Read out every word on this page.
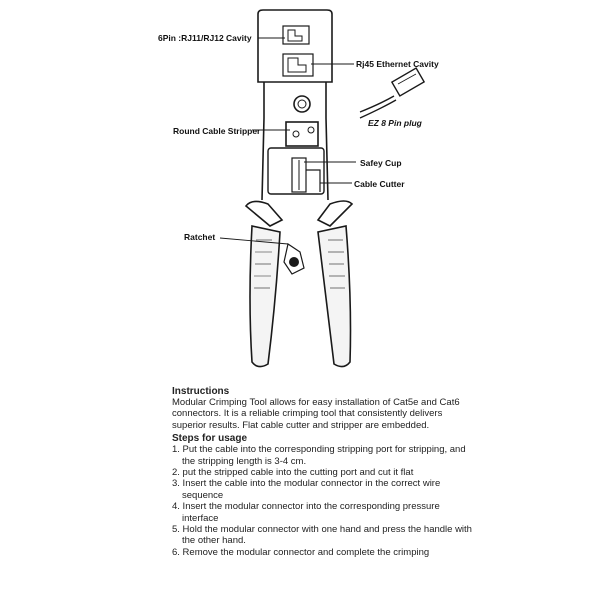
6Pin :RJ11/RJ12 Cavity
Rj45 Ethernet Cavity
EZ 8 Pin plug
Round Cable Stripper
Safey Cup
Cable Cutter
Ratchet

Instructions

Modular Crimping Tool allows for easy installation of Cat5e and Cat6 connectors. It is a reliable crimping tool that consistently delivers superior results. Flat cable cutter and stripper are embedded.

Steps for usage

1. Put the cable into the corresponding stripping port for stripping, and the stripping length is 3-4 cm.
2. put the stripped cable into the cutting port and cut it flat
3. Insert the cable into the modular connector in the correct wire sequence
4. Insert the modular connector into the corresponding pressure interface
5. Hold the modular connector with one hand and press the handle with the other hand.
6. Remove the modular connector and complete the crimping
